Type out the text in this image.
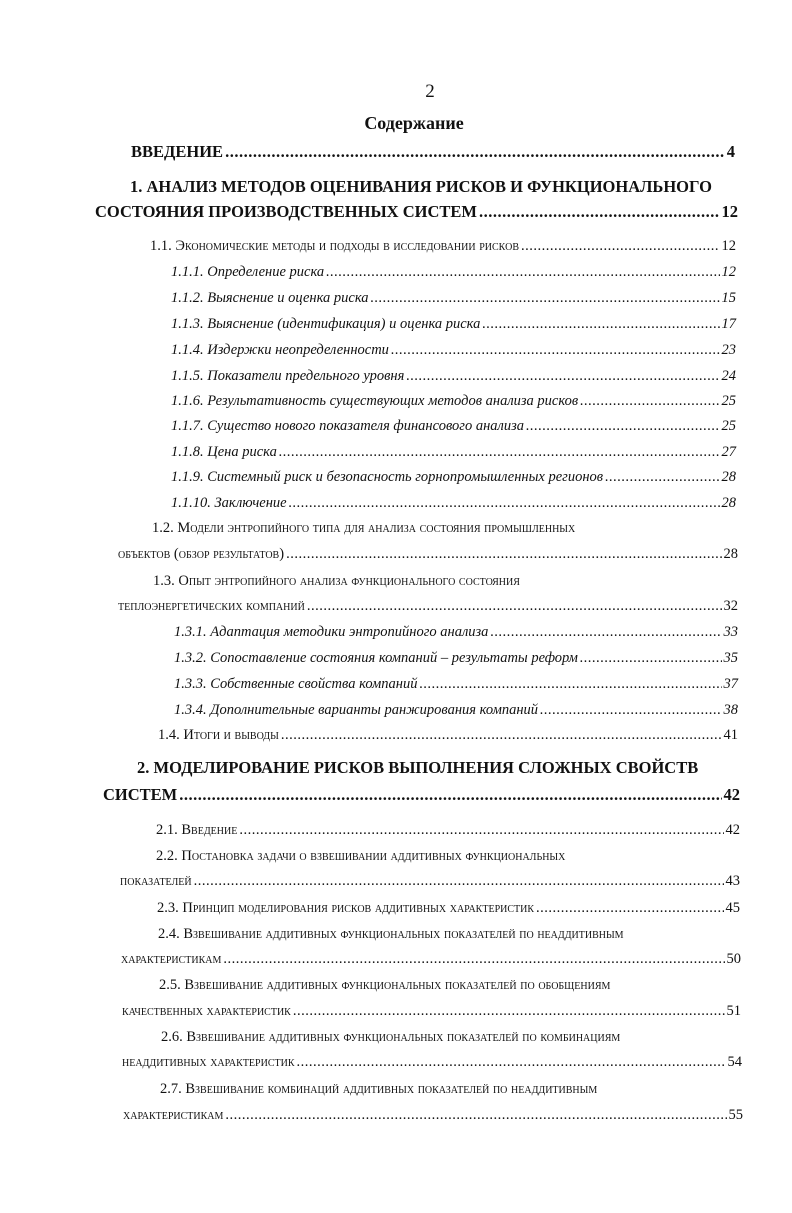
2
Содержание
ВВЕДЕНИЕ .....	4
1. АНАЛИЗ МЕТОДОВ ОЦЕНИВАНИЯ РИСКОВ И ФУНКЦИОНАЛЬНОГО
СОСТОЯНИЯ ПРОИЗВОДСТВЕННЫХ СИСТЕМ .....	12
1.1. Экономические методы и подходы в исследовании рисков .....	12
1.1.1. Определение риска .....	12
1.1.2. Выяснение и оценка риска .....	15
1.1.3. Выяснение (идентификация) и оценка риска .....	17
1.1.4. Издержки неопределенности .....	23
1.1.5. Показатели предельного уровня .....	24
1.1.6. Результативность существующих методов анализа рисков .....	25
1.1.7. Существо нового показателя финансового анализа .....	25
1.1.8. Цена риска .....	27
1.1.9. Системный риск и безопасность горнопромышленных регионов .....	28
1.1.10. Заключение .....	28
1.2. Модели энтропийного типа для анализа состояния промышленных
объектов (обзор результатов) .....	28
1.3. Опыт энтропийного анализа функционального состояния
теплоэнергетических компаний .....	32
1.3.1. Адаптация методики энтропийного анализа .....	33
1.3.2. Сопоставление состояния компаний – результаты реформ .....	35
1.3.3. Собственные свойства компаний .....	37
1.3.4. Дополнительные варианты ранжирования компаний .....	38
1.4. Итоги и выводы .....	41
2. МОДЕЛИРОВАНИЕ РИСКОВ ВЫПОЛНЕНИЯ СЛОЖНЫХ СВОЙСТВ
СИСТЕМ .....	42
2.1. Введение .....	42
2.2. Постановка задачи о взвешивании аддитивных функциональных
показателей .....	43
2.3. Принцип моделирования рисков аддитивных характеристик .....	45
2.4. Взвешивание аддитивных функциональных показателей по неаддитивным
характеристикам .....	50
2.5. Взвешивание аддитивных функциональных показателей по обобщениям
качественных характеристик .....	51
2.6. Взвешивание аддитивных функциональных показателей по комбинациям
неаддитивных характеристик .....	54
2.7. Взвешивание комбинаций аддитивных показателей по неаддитивным
характеристикам .....	55
